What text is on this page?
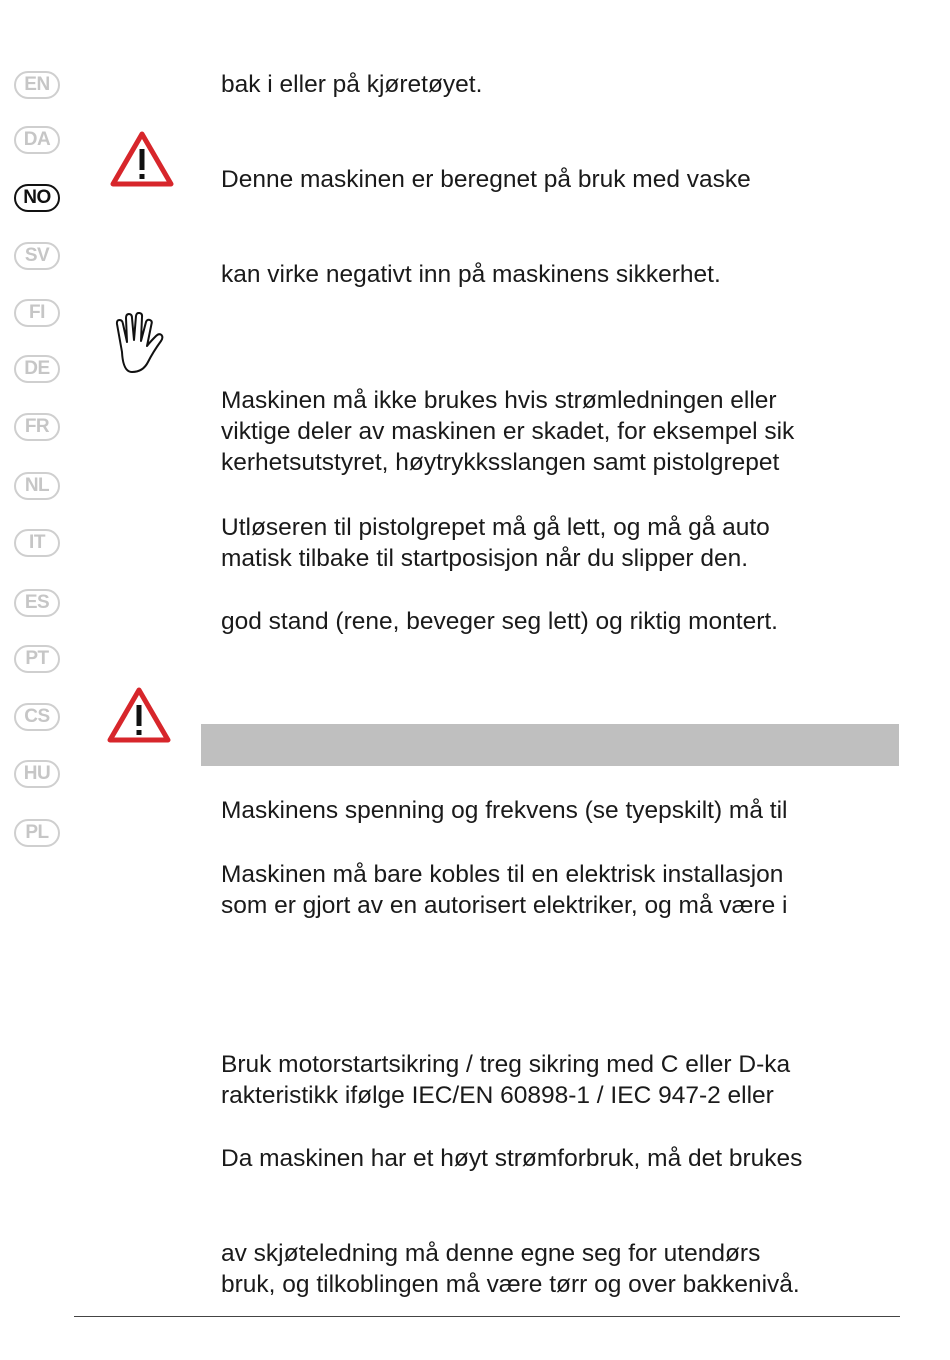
EN
DA
NO
SV
FI
DE
FR
NL
IT
ES
PT
CS
HU
PL
bak i eller på kjøretøyet.
Denne maskinen er beregnet på bruk med vaske
kan virke negativt inn på maskinens sikkerhet.
Maskinen må ikke brukes hvis strømledningen eller
viktige deler av maskinen er skadet, for eksempel sik
kerhetsutstyret, høytrykksslangen samt pistolgrepet
Utløseren til pistolgrepet må gå lett, og må gå auto
matisk tilbake til startposisjon når du slipper den.
god stand (rene, beveger seg lett) og riktig montert.
Maskinens spenning og frekvens (se tyepskilt) må til
Maskinen må bare kobles til en elektrisk installasjon
som er gjort av en autorisert elektriker, og må være i
Bruk motorstartsikring / treg sikring med C eller D-ka
rakteristikk ifølge IEC/EN 60898-1 / IEC 947-2 eller
Da maskinen har et høyt strømforbruk, må det brukes
av skjøteledning må denne egne seg for utendørs
bruk, og tilkoblingen må være tørr og over bakkenivå.
